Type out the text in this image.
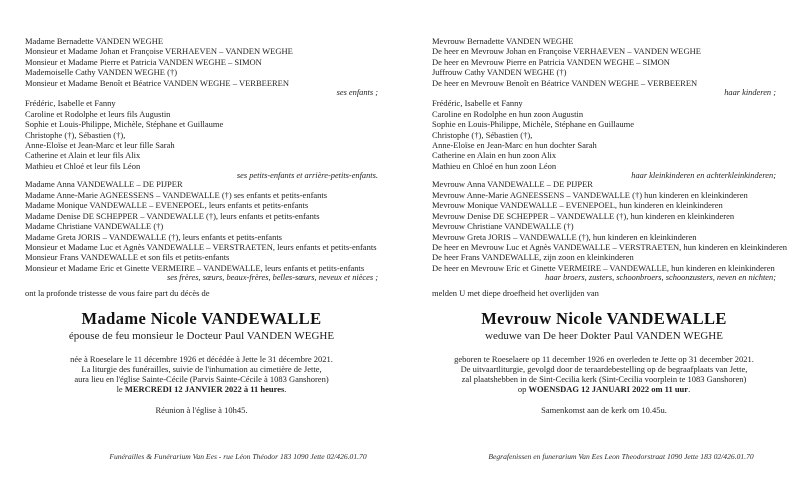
Madame Bernadette VANDEN WEGHE
Monsieur et Madame Johan et Françoise VERHAEVEN – VANDEN WEGHE
Monsieur et Madame Pierre et Patricia VANDEN WEGHE – SIMON
Mademoiselle Cathy VANDEN WEGHE (†)
Monsieur et Madame Benoît et Béatrice VANDEN WEGHE – VERBEEREN
ses enfants ;
Frédéric, Isabelle et Fanny
Caroline et Rodolphe et leurs fils Augustin
Sophie et Louis-Philippe, Michèle, Stéphane et Guillaume
Christophe (†), Sébastien (†),
Anne-Eloïse et Jean-Marc et leur fille Sarah
Catherine et Alain et leur fils Alix
Mathieu et Chloé et leur fils Léon
ses petits-enfants et arrière-petits-enfants.
Madame Anna VANDEWALLE – DE PIJPER
Madame Anne-Marie AGNEESSENS – VANDEWALLE (†) ses enfants et petits-enfants
Madame Monique VANDEWALLE – EVENEPOEL, leurs enfants et petits-enfants
Madame Denise DE SCHEPPER – VANDEWALLE (†), leurs enfants et petits-enfants
Madame Christiane VANDEWALLE (†)
Madame Greta JORIS – VANDEWALLE (†), leurs enfants et petits-enfants
Monsieur et Madame Luc et Agnès VANDEWALLE – VERSTRAETEN, leurs enfants et petits-enfants
Monsieur Frans VANDEWALLE et son fils et petits-enfants
Monsieur et Madame Eric et Ginette VERMEIRE – VANDEWALLE, leurs enfants et petits-enfants
ses frères, sœurs, beaux-frères, belles-sœurs, neveux et nièces ;
ont la profonde tristesse de vous faire part du décès de
Madame Nicole VANDEWALLE
épouse de feu monsieur le Docteur Paul VANDEN WEGHE
née à Roeselare le 11 décembre 1926 et décédée à Jette le 31 décembre 2021.
La liturgie des funérailles, suivie de l'inhumation au cimetière de Jette,
aura lieu en l'église Sainte-Cécile (Parvis Sainte-Cécile à 1083 Ganshoren)
le MERCREDI 12 JANVIER 2022 à 11 heures.
Réunion à l'église à 10h45.
Mevrouw Bernadette VANDEN WEGHE
De heer en Mevrouw Johan en Françoise VERHAEVEN – VANDEN WEGHE
De heer en Mevrouw Pierre en Patricia VANDEN WEGHE – SIMON
Juffrouw Cathy VANDEN WEGHE (†)
De heer en Mevrouw Benoît en Béatrice VANDEN WEGHE – VERBEEREN
haar kinderen ;
Frédéric, Isabelle et Fanny
Caroline en Rodolphe en hun zoon Augustin
Sophie en Louis-Philippe, Michèle, Stéphane en Guillaume
Christophe (†), Sébastien (†),
Anne-Eloïse en Jean-Marc en hun dochter Sarah
Catherine en Alain en hun zoon Alix
Mathieu en Chloé en hun zoon Léon
haar kleinkinderen en achterkleinkinderen;
Mevrouw Anna VANDEWALLE – DE PIJPER
Mevrouw Anne-Marie AGNEESSENS – VANDEWALLE (†) hun kinderen en kleinkinderen
Mevrouw Monique VANDEWALLE – EVENEPOEL, hun kinderen en kleinkinderen
Mevrouw Denise DE SCHEPPER – VANDEWALLE (†), hun kinderen en kleinkinderen
Mevrouw Christiane VANDEWALLE (†)
Mevrouw Greta JORIS – VANDEWALLE (†), hun kinderen en kleinkinderen
De heer en Mevrouw Luc et Agnès VANDEWALLE – VERSTRAETEN, hun kinderen en kleinkinderen
De heer Frans VANDEWALLE, zijn zoon en kleinkinderen
De heer en Mevrouw Eric et Ginette VERMEIRE – VANDEWALLE, hun kinderen en kleinkinderen
haar broers, zusters, schoonbroers, schoonzusters, neven en nichten;
melden U met diepe droefheid het overlijden van
Mevrouw Nicole VANDEWALLE
weduwe van De heer Dokter Paul VANDEN WEGHE
geboren te Roeselaere op 11 december 1926 en overleden te Jette op 31 december 2021.
De uitvaartliturgie, gevolgd door de teraardebestelling op de begraafplaats van Jette,
zal plaatshebben in de Sint-Cecilia kerk (Sint-Cecilia voorplein te 1083 Ganshoren)
op WOENSDAG 12 JANUARI 2022 om 11 uur.
Samenkomst aan de kerk om 10.45u.
Funérailles & Funérarium Van Ees - rue Léon Théodor 183 1090 Jette 02/426.01.70	Begrafenissen en funerarium Van Ees Leon Theodorstraat 1090 Jette 183 02/426.01.70
